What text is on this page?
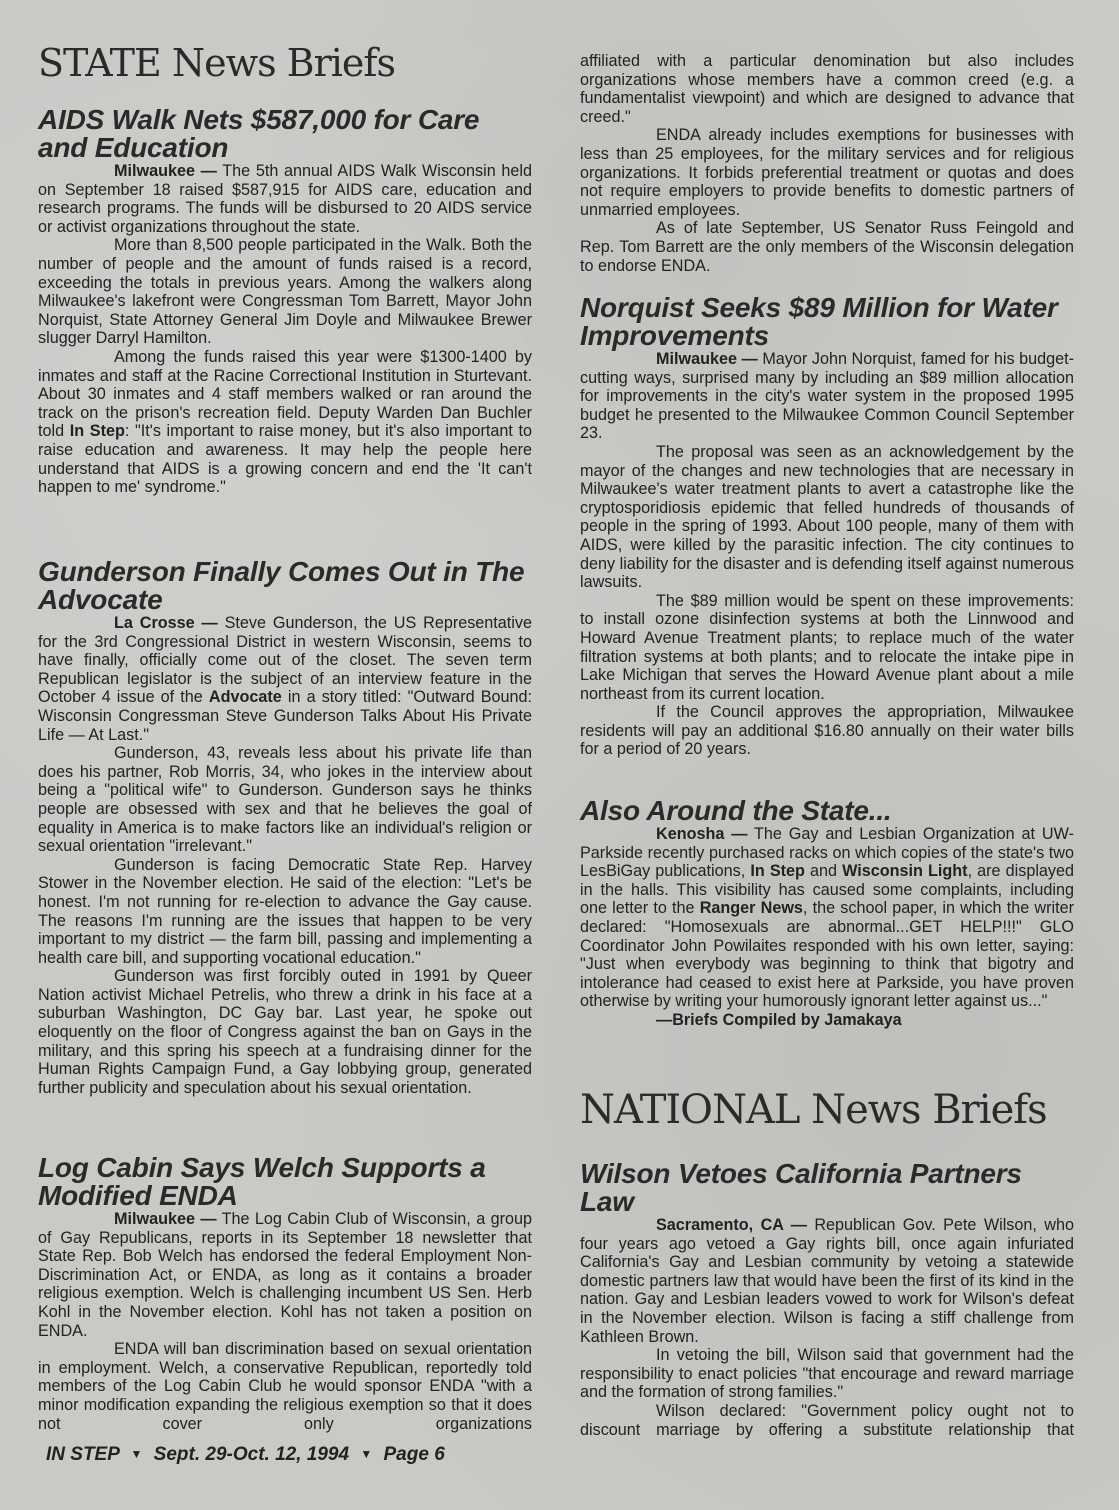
STATE News Briefs
AIDS Walk Nets $587,000 for Care and Education

Milwaukee — The 5th annual AIDS Walk Wisconsin held on September 18 raised $587,915 for AIDS care, education and research programs. The funds will be disbursed to 20 AIDS service or activist organizations throughout the state.

More than 8,500 people participated in the Walk. Both the number of people and the amount of funds raised is a record, exceeding the totals in previous years. Among the walkers along Milwaukee's lakefront were Congressman Tom Barrett, Mayor John Norquist, State Attorney General Jim Doyle and Milwaukee Brewer slugger Darryl Hamilton.

Among the funds raised this year were $1300-1400 by inmates and staff at the Racine Correctional Institution in Sturtevant. About 30 inmates and 4 staff members walked or ran around the track on the prison's recreation field. Deputy Warden Dan Buchler told In Step: "It's important to raise money, but it's also important to raise education and awareness. It may help the people here understand that AIDS is a growing concern and end the 'It can't happen to me' syndrome."

Gunderson Finally Comes Out in The Advocate

La Crosse — Steve Gunderson, the US Representative for the 3rd Congressional District in western Wisconsin, seems to have finally, officially come out of the closet. The seven term Republican legislator is the subject of an interview feature in the October 4 issue of the Advocate in a story titled: "Outward Bound: Wisconsin Congressman Steve Gunderson Talks About His Private Life — At Last."

Gunderson, 43, reveals less about his private life than does his partner, Rob Morris, 34, who jokes in the interview about being a "political wife" to Gunderson. Gunderson says he thinks people are obsessed with sex and that he believes the goal of equality in America is to make factors like an individual's religion or sexual orientation "irrelevant."

Gunderson is facing Democratic State Rep. Harvey Stower in the November election. He said of the election: "Let's be honest. I'm not running for re-election to advance the Gay cause. The reasons I'm running are the issues that happen to be very important to my district — the farm bill, passing and implementing a health care bill, and supporting vocational education."

Gunderson was first forcibly outed in 1991 by Queer Nation activist Michael Petrelis, who threw a drink in his face at a suburban Washington, DC Gay bar. Last year, he spoke out eloquently on the floor of Congress against the ban on Gays in the military, and this spring his speech at a fundraising dinner for the Human Rights Campaign Fund, a Gay lobbying group, generated further publicity and speculation about his sexual orientation.

Log Cabin Says Welch Supports a Modified ENDA

Milwaukee — The Log Cabin Club of Wisconsin, a group of Gay Republicans, reports in its September 18 newsletter that State Rep. Bob Welch has endorsed the federal Employment Non- Discrimination Act, or ENDA, as long as it contains a broader religious exemption. Welch is challenging incumbent US Sen. Herb Kohl in the November election. Kohl has not taken a position on ENDA.

ENDA will ban discrimination based on sexual orientation in employment. Welch, a conservative Republican, reportedly told members of the Log Cabin Club he would sponsor ENDA "with a minor modification expanding the religious exemption so that it does not cover only organizations

affiliated with a particular denomination but also includes organizations whose members have a common creed (e.g. a fundamentalist viewpoint) and which are designed to advance that creed."

ENDA already includes exemptions for businesses with less than 25 employees, for the military services and for religious organizations. It forbids preferential treatment or quotas and does not require employers to provide benefits to domestic partners of unmarried employees.

As of late September, US Senator Russ Feingold and Rep. Tom Barrett are the only members of the Wisconsin delegation to endorse ENDA.

Norquist Seeks $89 Million for Water Improvements

Milwaukee — Mayor John Norquist, famed for his budget- cutting ways, surprised many by including an $89 million allocation for improvements in the city's water system in the proposed 1995 budget he presented to the Milwaukee Common Council September 23.

The proposal was seen as an acknowledgement by the mayor of the changes and new technologies that are necessary in Milwaukee's water treatment plants to avert a catastrophe like the cryptosporidiosis epidemic that felled hundreds of thousands of people in the spring of 1993. About 100 people, many of them with AIDS, were killed by the parasitic infection. The city continues to deny liability for the disaster and is defending itself against numerous lawsuits.

The $89 million would be spent on these improvements: to install ozone disinfection systems at both the Linnwood and Howard Avenue Treatment plants; to replace much of the water filtration systems at both plants; and to relocate the intake pipe in Lake Michigan that serves the Howard Avenue plant about a mile northeast from its current location.

If the Council approves the appropriation, Milwaukee residents will pay an additional $16.80 annually on their water bills for a period of 20 years.

Also Around the State...

Kenosha — The Gay and Lesbian Organization at UW-Parkside recently purchased racks on which copies of the state's two LesBiGay publications, In Step and Wisconsin Light, are displayed in the halls. This visibility has caused some complaints, including one letter to the Ranger News, the school paper, in which the writer declared: "Homosexuals are abnormal...GET HELP!!!" GLO Coordinator John Powilaites responded with his own letter, saying: "Just when everybody was beginning to think that bigotry and intolerance had ceased to exist here at Parkside, you have proven otherwise by writing your humorously ignorant letter against us..."

—Briefs Compiled by Jamakaya

NATIONAL News Briefs
Wilson Vetoes California Partners Law

Sacramento, CA — Republican Gov. Pete Wilson, who four years ago vetoed a Gay rights bill, once again infuriated California's Gay and Lesbian community by vetoing a statewide domestic partners law that would have been the first of its kind in the nation. Gay and Lesbian leaders vowed to work for Wilson's defeat in the November election. Wilson is facing a stiff challenge from Kathleen Brown.

In vetoing the bill, Wilson said that government had the responsibility to enact policies "that encourage and reward marriage and the formation of strong families."

Wilson declared: "Government policy ought not to discount marriage by offering a substitute relationship that

IN STEP ▼ Sept. 29-Oct. 12, 1994 ▼ Page 6
